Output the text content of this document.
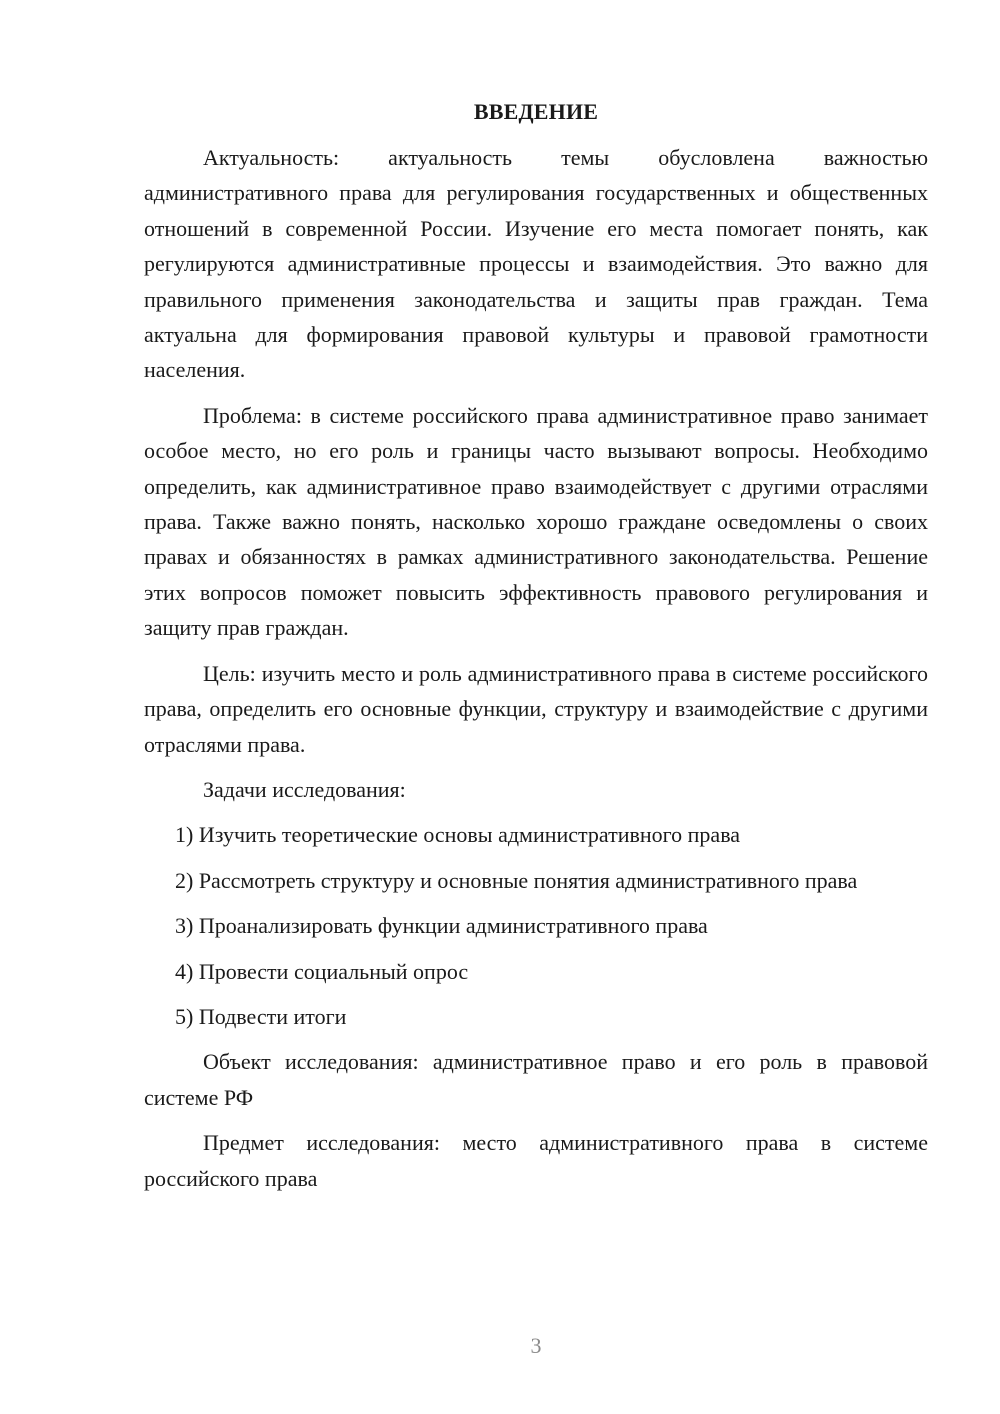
ВВЕДЕНИЕ

Актуальность: актуальность темы обусловлена важностью административного права для регулирования государственных и общественных отношений в современной России. Изучение его места помогает понять, как регулируются административные процессы и взаимодействия. Это важно для правильного применения законодательства и защиты прав граждан. Тема актуальна для формирования правовой культуры и правовой грамотности населения.

Проблема: в системе российского права административное право занимает особое место, но его роль и границы часто вызывают вопросы. Необходимо определить, как административное право взаимодействует с другими отраслями права. Также важно понять, насколько хорошо граждане осведомлены о своих правах и обязанностях в рамках административного законодательства. Решение этих вопросов поможет повысить эффективность правового регулирования и защиту прав граждан.

Цель: изучить место и роль административного права в системе российского права, определить его основные функции, структуру и взаимодействие с другими отраслями права.

Задачи исследования:

1) Изучить теоретические основы административного права

2) Рассмотреть структуру и основные понятия административного права

3) Проанализировать функции административного права

4) Провести социальный опрос

5) Подвести итоги

Объект исследования: административное право и его роль в правовой системе РФ

Предмет исследования: место административного права в системе российского права

3
